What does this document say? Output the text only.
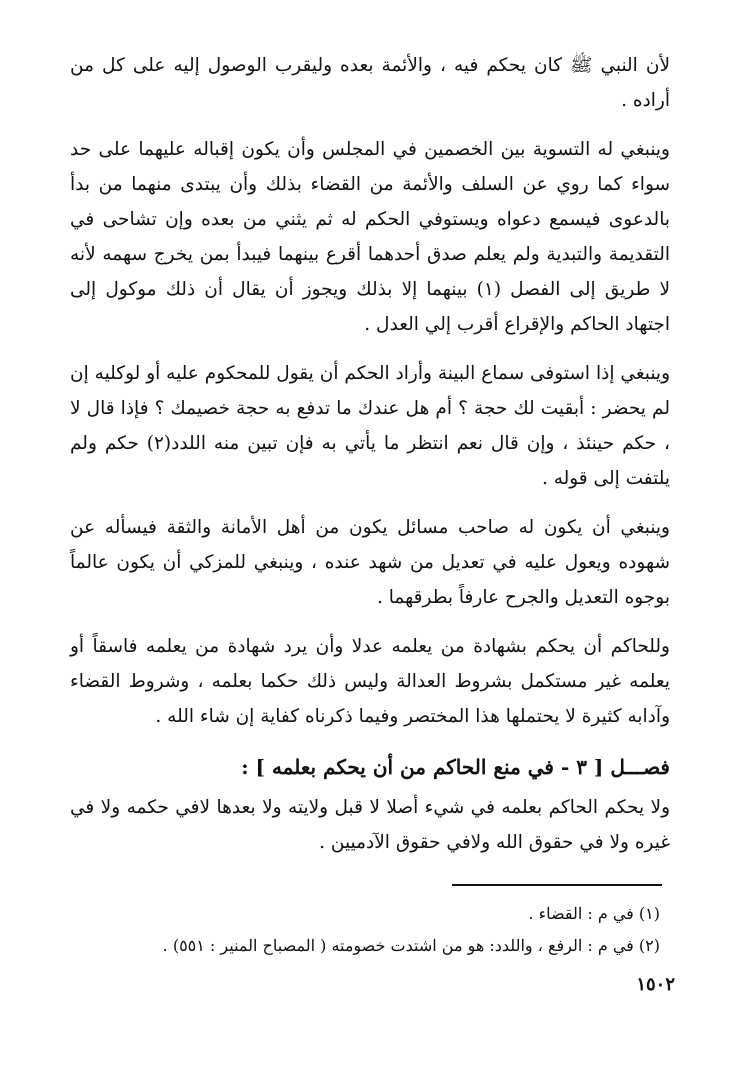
لأن النبي ﷺ كان يحكم فيه ، والأئمة بعده وليقرب الوصول إليه على كل من أراده .

وينبغي له التسوية بين الخصمين في المجلس وأن يكون إقباله عليهما على حد سواء كما روي عن السلف والأئمة من القضاء بذلك وأن يبتدى منهما من بدأ بالدعوى فيسمع دعواه ويستوفي الحكم له ثم يثني من بعده وإن تشاحى في التقديمة والتبدية ولم يعلم صدق أحدهما أقرع بينهما فيبدأ بمن يخرج سهمه لأنه لا طريق إلى الفصل (١) بينهما إلا بذلك ويجوز أن يقال أن ذلك موكول إلى اجتهاد الحاكم والإقراع أقرب إلي العدل .

وينبغي إذا استوفى سماع البينة وأراد الحكم أن يقول للمحكوم عليه أو لوكليه إن لم يحضر : أبقيت لك حجة ؟ أم هل عندك ما تدفع به حجة خصيمك ؟ فإذا قال لا ، حكم حينئذ ، وإن قال نعم انتظر ما يأتي به فإن تبين منه اللدد(٢) حكم ولم يلتفت إلى قوله .

وينبغي أن يكون له صاحب مسائل يكون من أهل الأمانة والثقة فيسأله عن شهوده ويعول عليه في تعديل من شهد عنده ، وينبغي للمزكي أن يكون عالماً بوجوه التعديل والجرح عارفاً بطرقهما .

وللحاكم أن يحكم بشهادة من يعلمه عدلا وأن يرد شهادة من يعلمه فاسقاً أو يعلمه غير مستكمل بشروط العدالة وليس ذلك حكما بعلمه ، وشروط القضاء وآدابه كثيرة لا يحتملها هذا المختصر وفيما ذكرناه كفاية إن شاء الله .

فصـــل [ ٣ - في منع الحاكم من أن يحكم بعلمه ] :

ولا يحكم الحاكم بعلمه في شيء أصلا لا قبل ولايته ولا بعدها لافي حكمه ولا في غيره ولا في حقوق الله ولافي حقوق الآدميين .

(١) في م : القضاء .

(٢) في م : الرفع ، واللدد: هو من اشتدت خصومته ( المصباح المنير : ٥٥١) .

١٥٠٢
